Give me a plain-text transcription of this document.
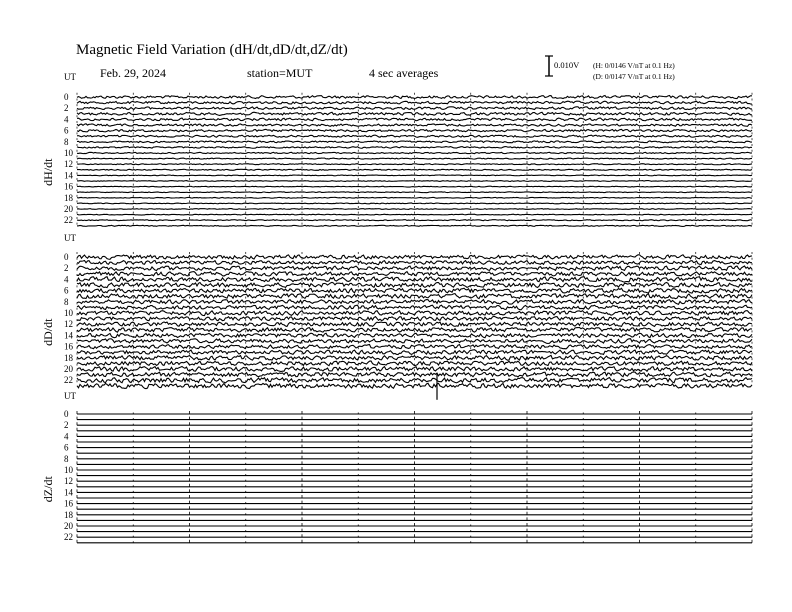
Magnetic Field Variation (dH/dt,dD/dt,dZ/dt)
Feb. 29, 2024	station=MUT	4 sec averages
0.010V (H: 0/0146 V/nT at 0.1 Hz)
(D: 0/0147 V/nT at 0.1 Hz)
UT
dH/dt
0
2
4
6
8
10
12
14
16
18
20
22
UT
dD/dt
0
2
4
6
8
10
12
14
16
18
20
22
UT
dZ/dt
0
2
4
6
8
10
12
14
16
18
20
22
